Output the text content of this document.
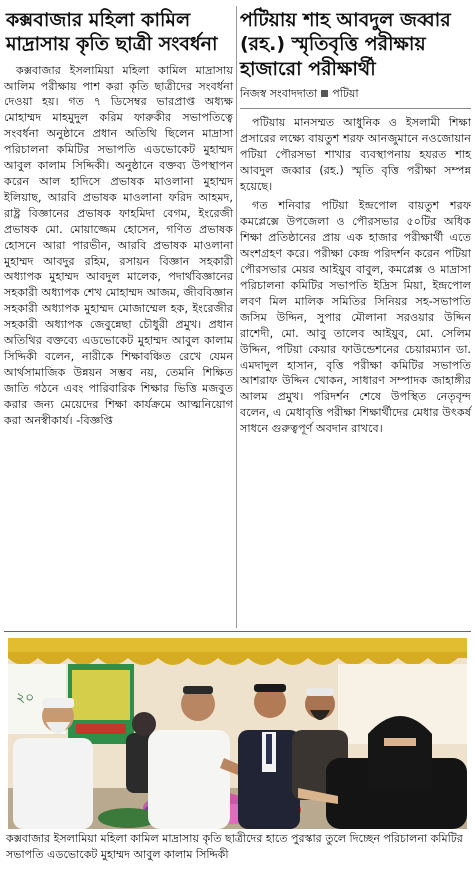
কক্সবাজার মহিলা কামিল মাদ্রাসায় কৃতি ছাত্রী সংবর্ধনা

কক্সবাজার ইসলামিয়া মহিলা কামিল মাদ্রাসায় আলিম পরীক্ষায় পাশ করা কৃতি ছাত্রীদের সংবর্ধনা দেওয়া হয়। গত ৭ ডিসেম্বর ভারপ্রাপ্ত অধ্যক্ষ মোহাম্মদ মাহমুদুল করিম ফারুকীর সভাপতিত্বে সংবর্ধনা অনুষ্ঠানে প্রধান অতিথি ছিলেন মাদ্রাসা পরিচালনা কমিটির সভাপতি এডভোকেট মুহাম্মদ আবুল কালাম সিদ্দিকী। অনুষ্ঠানে বক্তব্য উপস্থাপন করেন আল হাদিসে প্রভাষক মাওলানা মুহাম্মদ ইলিয়াছ, আরবি প্রভাষক মাওলানা ফরিদ আহমদ, রাষ্ট্র বিজ্ঞানের প্রভাষক ফাহমিদা বেগম, ইংরেজী প্রভাষক মো. মোয়াজ্জেম হোসেন, গণিত প্রভাষক হোসনে আরা পারভীন, আরবি প্রভাষক মাওলানা মুহাম্মদ আবদুর রহিম, রসায়ন বিজ্ঞান সহকারী অধ্যাপক মুহাম্মদ আবদুল মালেক, পদার্থবিজ্ঞানের সহকারী অধ্যাপক শেখ মোহাম্মদ আজম, জীববিজ্ঞান সহকারী অধ্যাপক মুহাম্মদ মোজাম্মেল হক, ইংরেজীর সহকারী অধ্যাপক জেবুন্নেছা চৌধুরী প্রমুখ। প্রধান অতিথির বক্তব্যে এডভোকেট মুহাম্মদ আবুল কালাম সিদ্দিকী বলেন, নারীকে শিক্ষাবঞ্চিত রেখে যেমন আর্থসামাজিক উন্নয়ন সম্ভব নয়, তেমনি শিক্ষিত জাতি গঠনে এবং পারিবারিক শিক্ষার ভিত্তি মজবুত করার জন্য মেয়েদের শিক্ষা কার্যক্রমে আত্মনিয়োগ করা অনস্বীকার্য। -বিজ্ঞপ্তি

পটিয়ায় শাহ আবদুল জব্বার (রহ.) স্মৃতিবৃত্তি পরীক্ষায় হাজারো পরীক্ষার্থী
নিজস্ব সংবাদদাতা পটিয়া

পটিয়ায় মানসম্মত আধুনিক ও ইসলামী শিক্ষা প্রসারের লক্ষ্যে বায়তুশ শরফ আনজুমানে নওজোয়ান পটিয়া পৌরসভা শাখার ব্যবস্থাপনায় হযরত শাহ আবদুল জব্বার (রহ.) স্মৃতি বৃত্তি পরীক্ষা সম্পন্ন হয়েছে।

গত শনিবার পটিয়া ইন্দ্রপোল বায়তুশ শরফ কমপ্লেক্সে উপজেলা ও পৌরসভার ৫০টির অধিক শিক্ষা প্রতিষ্ঠানের প্রায় এক হাজার পরীক্ষার্থী এতে অংশগ্রহণ করে। পরীক্ষা কেন্দ্র পরিদর্শন করেন পটিয়া পৌরসভার মেয়র আইয়ুব বাবুল, কমপ্লেক্স ও মাদ্রাসা পরিচালনা কমিটির সভাপতি ইদ্রিস মিয়া, ইন্দ্রপোল লবণ মিল মালিক সমিতির সিনিয়র সহ-সভাপতি জসিম উদ্দিন, সুপার মৌলানা সরওয়ার উদ্দিন রাশেদী, মো. আবু তালেব আইয়ুব, মো. সেলিম উদ্দিন, পটিয়া কেয়ার ফাউন্ডেশনের চেয়ারম্যান ডা. এমদাদুল হাসান, বৃত্তি পরীক্ষা কমিটির সভাপতি আশরাফ উদ্দিন খোকন, সাধারণ সম্পাদক জাহাঙ্গীর আলম প্রমুখ। পরিদর্শন শেষে উপস্থিত নেতৃবৃন্দ বলেন, এ মেধাবৃত্তি পরীক্ষা শিক্ষার্থীদের মেধার উৎকর্ষ সাধনে গুরুত্বপূর্ণ অবদান রাখবে।

২০
কক্সবাজার ইসলামিয়া মহিলা কামিল মাদ্রাসায় কৃতি ছাত্রীদের হাতে পুরস্কার তুলে দিচ্ছেন পরিচালনা কমিটির সভাপতি এডভোকেট মুহাম্মদ আবুল কালাম সিদ্দিকী
